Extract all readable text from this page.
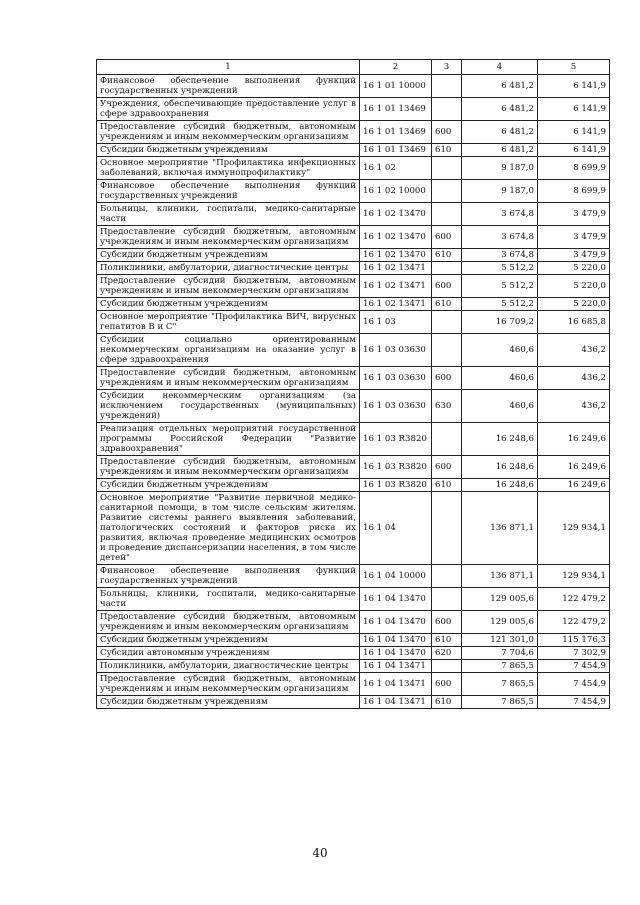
1	2	3	4	5
Финансовое обеспечение выполнения функций государственных учреждений	16 1 01 10000		6 481,2	6 141,9
Учреждения, обеспечивающие предоставление услуг в сфере здравоохранения	16 1 01 13469		6 481,2	6 141,9
Предоставление субсидий бюджетным, автономным учреждениям и иным некоммерческим организациям	16 1 01 13469	600	6 481,2	6 141,9
Субсидии бюджетным учреждениям	16 1 01 13469	610	6 481,2	6 141,9
Основное мероприятие "Профилактика инфекционных заболеваний, включая иммунопрофилактику"	16 1 02		9 187,0	8 699,9
Финансовое обеспечение выполнения функций государственных учреждений	16 1 02 10000		9 187,0	8 699,9
Больницы, клиники, госпитали, медико-санитарные части	16 1 02 13470		3 674,8	3 479,9
Предоставление субсидий бюджетным, автономным учреждениям и иным некоммерческим организациям	16 1 02 13470	600	3 674,8	3 479,9
Субсидии бюджетным учреждениям	16 1 02 13470	610	3 674,8	3 479,9
Поликлиники, амбулатории, диагностические центры	16 1 02 13471		5 512,2	5 220,0
Предоставление субсидий бюджетным, автономным учреждениям и иным некоммерческим организациям	16 1 02 13471	600	5 512,2	5 220,0
Субсидии бюджетным учреждениям	16 1 02 13471	610	5 512,2	5 220,0
Основное мероприятие "Профилактика ВИЧ, вирусных гепатитов В и С"	16 1 03		16 709,2	16 685,8
Субсидии социально ориентированным некоммерческим организациям на оказание услуг в сфере здравоохранения	16 1 03 03630		460,6	436,2
Предоставление субсидий бюджетным, автономным учреждениям и иным некоммерческим организациям	16 1 03 03630	600	460,6	436,2
Субсидии некоммерческим организациям (за исключением государственных (муниципальных) учреждений)	16 1 03 03630	630	460,6	436,2
Реализация отдельных мероприятий государственной программы Российской Федерации "Развитие здравоохранения"	16 1 03 R3820		16 248,6	16 249,6
Предоставление субсидий бюджетным, автономным учреждениям и иным некоммерческим организациям	16 1 03 R3820	600	16 248,6	16 249,6
Субсидии бюджетным учреждениям	16 1 03 R3820	610	16 248,6	16 249,6
Основное мероприятие "Развитие первичной медико-санитарной помощи, в том числе сельским жителям. Развитие системы раннего выявления заболеваний, патологических состояний и факторов риска их развития, включая проведение медицинских осмотров и проведение диспансеризации населения, в том числе детей"	16 1 04		136 871,1	129 934,1
Финансовое обеспечение выполнения функций государственных учреждений	16 1 04 10000		136 871,1	129 934,1
Больницы, клиники, госпитали, медико-санитарные части	16 1 04 13470		129 005,6	122 479,2
Предоставление субсидий бюджетным, автономным учреждениям и иным некоммерческим организациям	16 1 04 13470	600	129 005,6	122 479,2
Субсидии бюджетным учреждениям	16 1 04 13470	610	121 301,0	115 176,3
Субсидии автономным учреждениям	16 1 04 13470	620	7 704,6	7 302,9
Поликлиники, амбулатории, диагностические центры	16 1 04 13471		7 865,5	7 454,9
Предоставление субсидий бюджетным, автономным учреждениям и иным некоммерческим организациям	16 1 04 13471	600	7 865,5	7 454,9
Субсидии бюджетным учреждениям	16 1 04 13471	610	7 865,5	7 454,9
40
